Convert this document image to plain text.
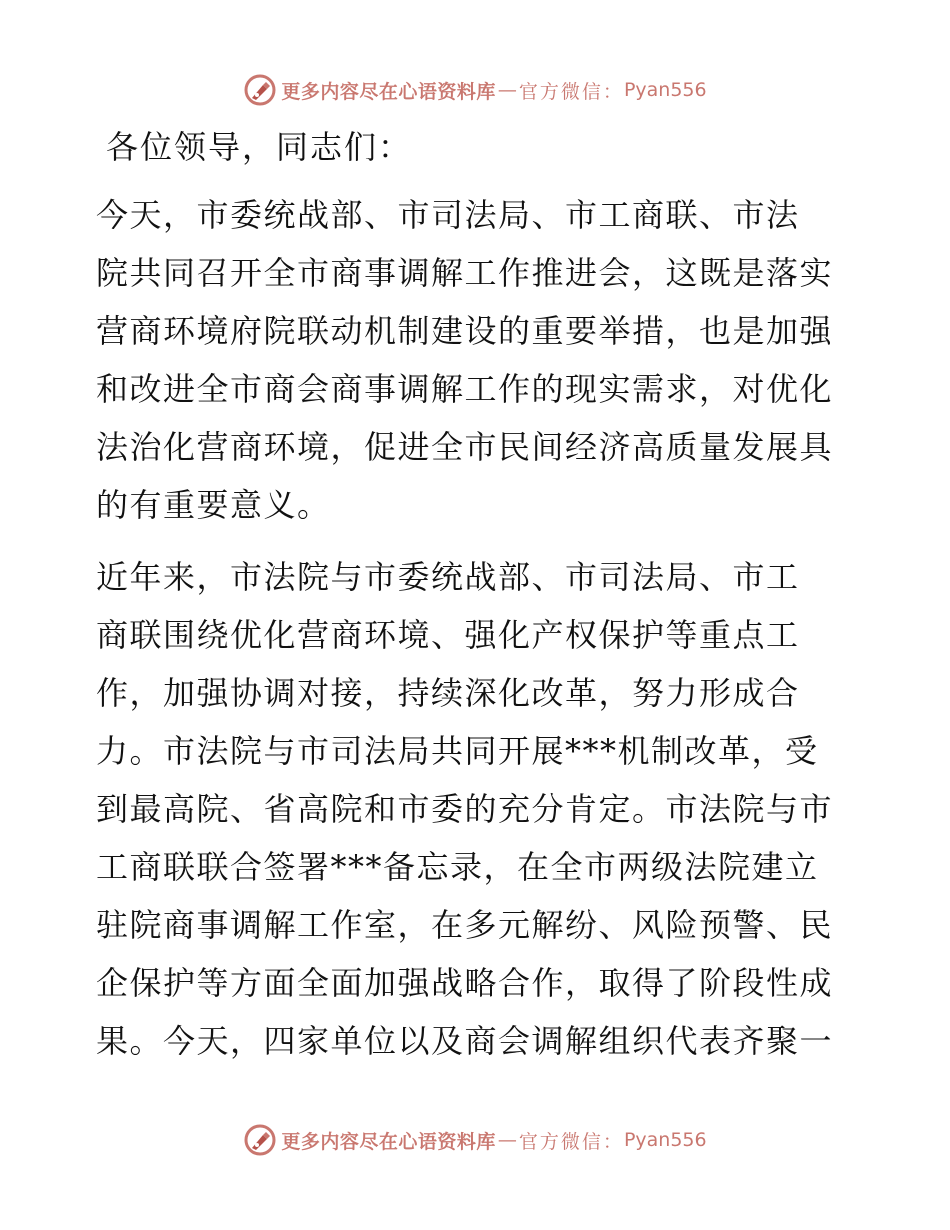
更多内容尽在心语资料库 — 官方微信： Pyan556
各位领导，同志们：
今天，市委统战部、市司法局、市工商联、市法
院共同召开全市商事调解工作推进会，这既是落实
营商环境府院联动机制建设的重要举措，也是加强
和改进全市商会商事调解工作的现实需求，对优化
法治化营商环境，促进全市民间经济高质量发展具
的有重要意义。
近年来，市法院与市委统战部、市司法局、市工
商联围绕优化营商环境、强化产权保护等重点工
作，加强协调对接，持续深化改革，努力形成合
力。市法院与市司法局共同开展***机制改革，受
到最高院、省高院和市委的充分肯定。市法院与市
工商联联合签署***备忘录，在全市两级法院建立
驻院商事调解工作室，在多元解纷、风险预警、民
企保护等方面全面加强战略合作，取得了阶段性成
果。今天，四家单位以及商会调解组织代表齐聚一
更多内容尽在心语资料库 — 官方微信： Pyan556
